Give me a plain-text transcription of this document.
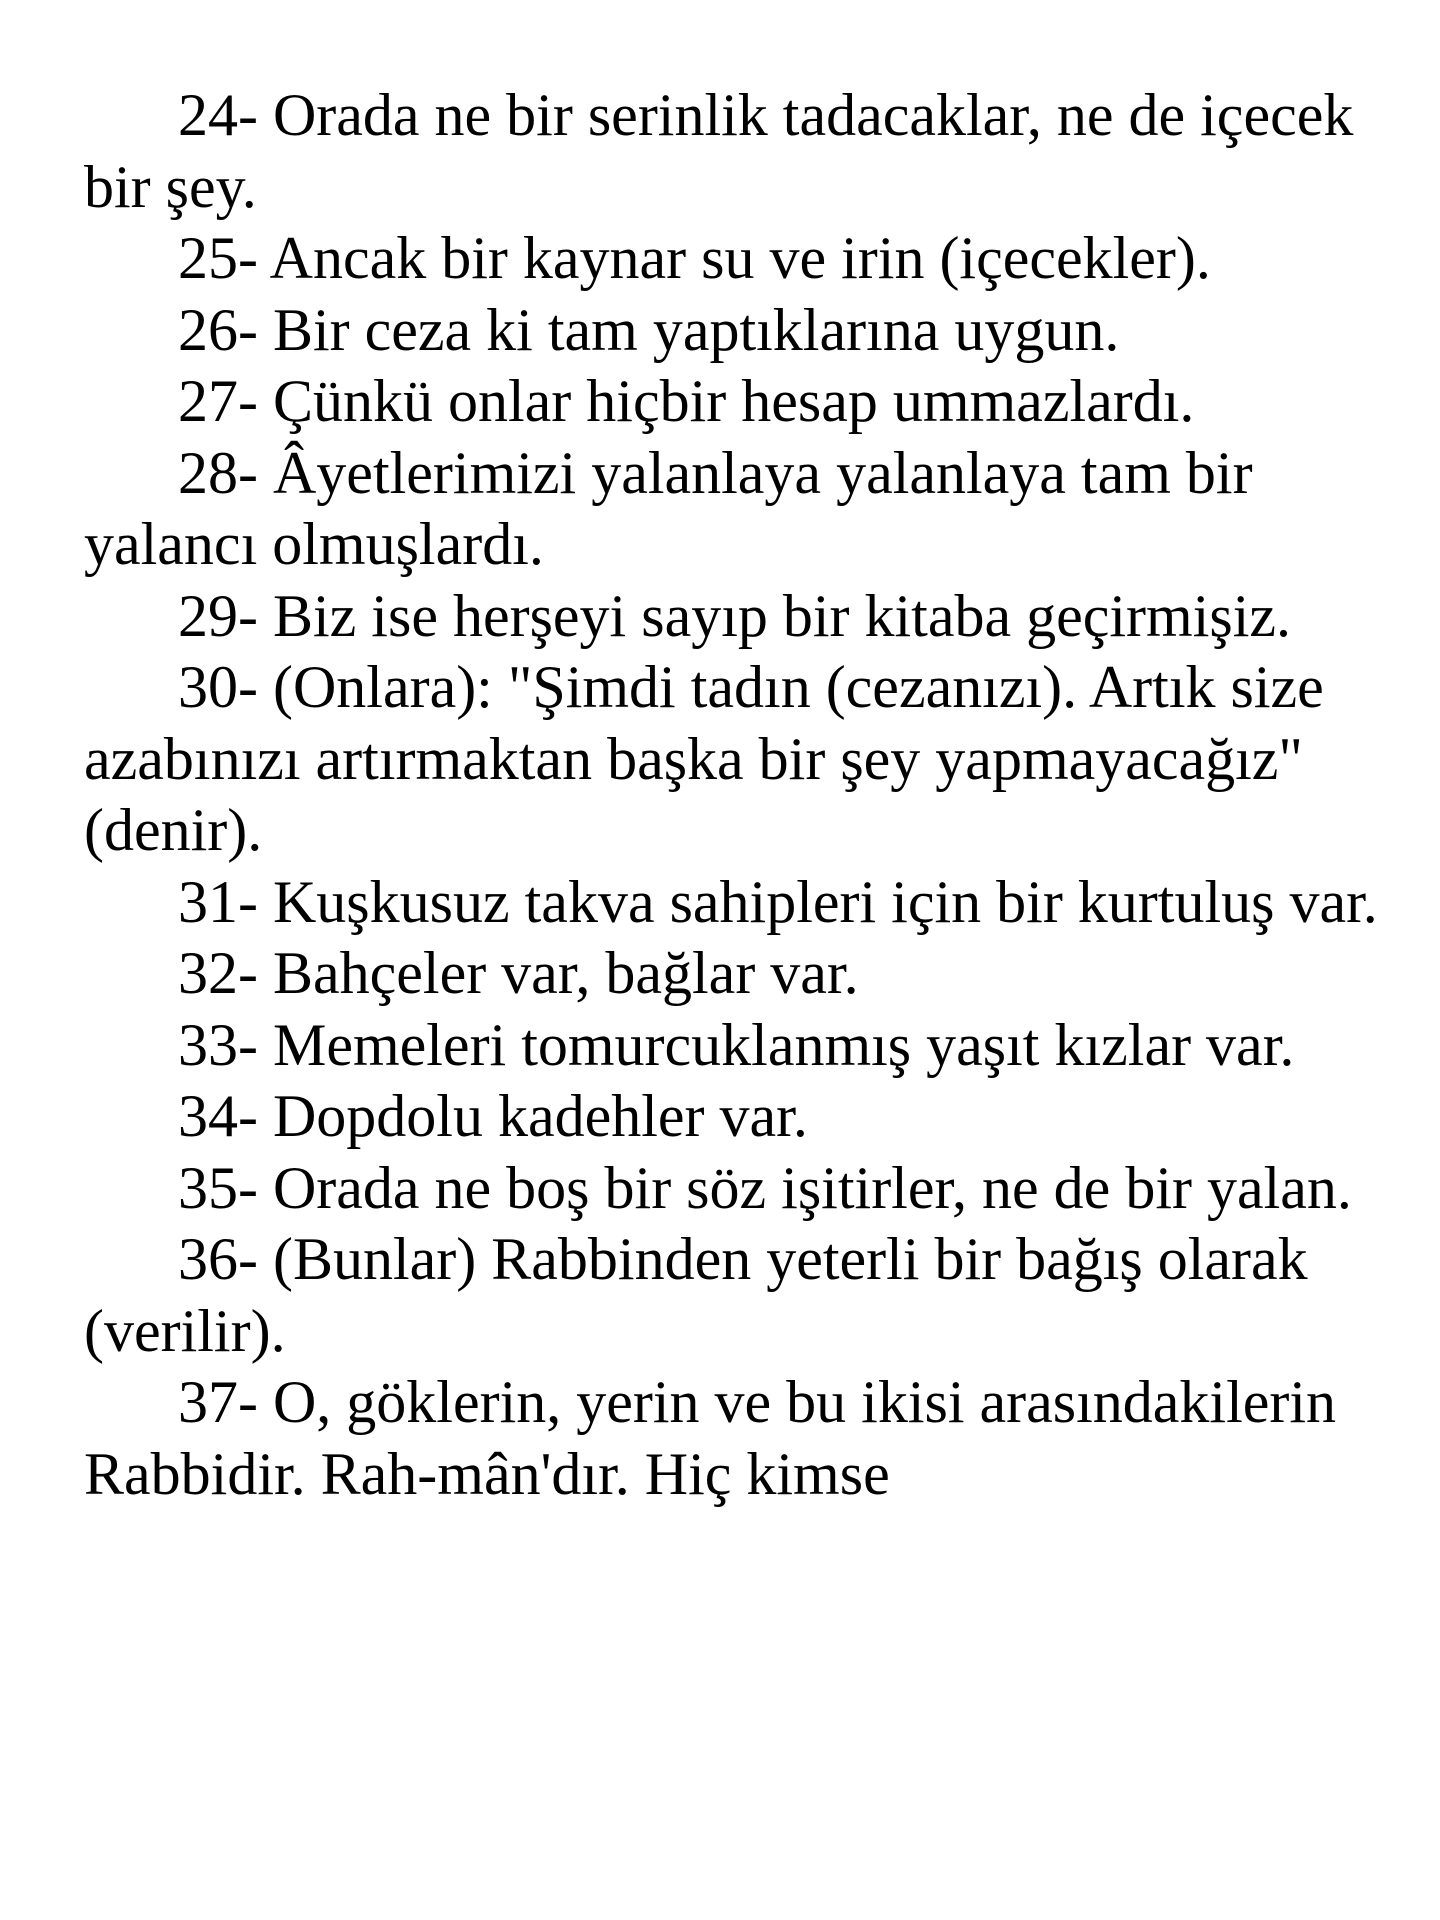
24- Orada ne bir serinlik tadacaklar, ne de içecek bir şey.

25- Ancak bir kaynar su ve irin (içecekler).

26- Bir ceza ki tam yaptıklarına uygun.

27- Çünkü onlar hiçbir hesap ummazlardı.

28- Âyetlerimizi yalanlaya yalanlaya tam bir yalancı olmuşlardı.

29- Biz ise herşeyi sayıp bir kitaba geçirmişiz.

30- (Onlara): "Şimdi tadın (cezanızı). Artık size azabınızı artırmaktan başka bir şey yapmayacağız" (denir).

31- Kuşkusuz takva sahipleri için bir kurtuluş var.

32- Bahçeler var, bağlar var.

33- Memeleri tomurcuklanmış yaşıt kızlar var.

34- Dopdolu kadehler var.

35- Orada ne boş bir söz işitirler, ne de bir yalan.

36- (Bunlar) Rabbinden yeterli bir bağış olarak (verilir).

37- O, göklerin, yerin ve bu ikisi arasındakilerin Rabbidir. Rah-mân'dır. Hiç kimse
